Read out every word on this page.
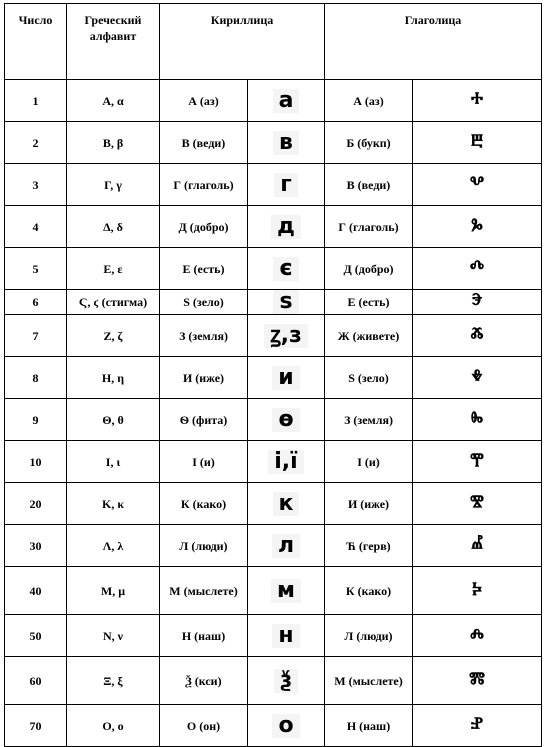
Число	Греческий алфавит	Кириллица		Глаголица	
1	Α, α	А (аз)	а	А (аз)	ⰰ
2	Β, β	В (веди)	в	Б (букп)	ⰱ
3	Γ, γ	Г (глаголь)	г	В (веди)	ⰲ
4	Δ, δ	Д (добро)	д	Г (глаголь)	ⰳ
5	Ε, ε	Е (есть)	є	Д (добро)	ⰴ
6	Ϛ, ϛ (стигма)	S (зело)	ѕ	Е (есть)	ⰵ
7	Ζ, ζ	З (земля)	ꙁ,з	Ж (живете)	ⰶ
8	Η, η	И (иже)	и	S (зело)	ⰷ
9	Θ, θ	Ѳ (фита)	ѳ	З (земля)	ⰸ
10	Ι, ι	I (и)	і,ї	I (и)	ⰹ
20	Κ, κ	К (како)	к	И (иже)	ⰺ
30	Λ, λ	Л (люди)	л	Ћ (герв)	ⰼ
40	Μ, μ	М (мыслете)	м	К (како)	ⰽ
50	Ν, ν	Н (наш)	н	Л (люди)	ⰾ
60	Ξ, ξ	Ѯ (кси)	ѯ	М (мыслете)	ⰿ
70	Ο, ο	О (он)	о	Н (наш)	ⱀ
